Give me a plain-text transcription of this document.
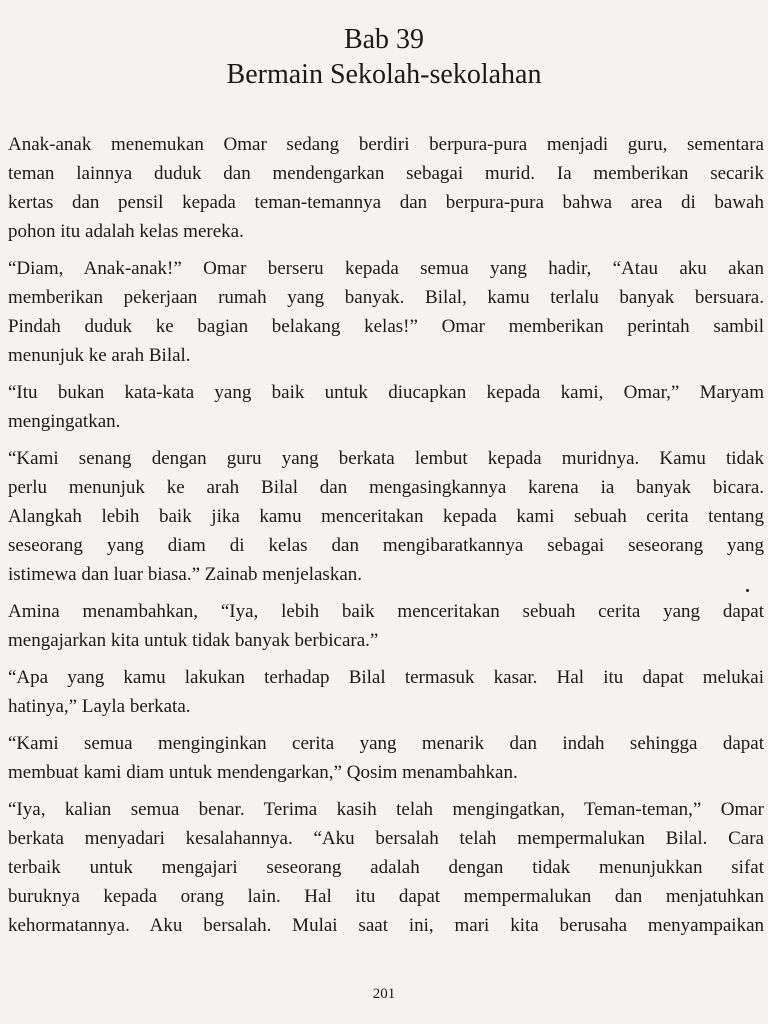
Bab 39
Bermain Sekolah-sekolahan
Anak-anak menemukan Omar sedang berdiri berpura-pura menjadi guru, sementara
teman lainnya duduk dan mendengarkan sebagai murid. Ia memberikan secarik
kertas dan pensil kepada teman-temannya dan berpura-pura bahwa area di bawah
pohon itu adalah kelas mereka.
“Diam, Anak-anak!” Omar berseru kepada semua yang hadir, “Atau aku akan
memberikan pekerjaan rumah yang banyak. Bilal, kamu terlalu banyak bersuara.
Pindah duduk ke bagian belakang kelas!” Omar memberikan perintah sambil
menunjuk ke arah Bilal.
“Itu bukan kata-kata yang baik untuk diucapkan kepada kami, Omar,” Maryam
mengingatkan.
“Kami senang dengan guru yang berkata lembut kepada muridnya. Kamu tidak
perlu menunjuk ke arah Bilal dan mengasingkannya karena ia banyak bicara.
Alangkah lebih baik jika kamu menceritakan kepada kami sebuah cerita tentang
seseorang yang diam di kelas dan mengibaratkannya sebagai seseorang yang
istimewa dan luar biasa.” Zainab menjelaskan.
Amina menambahkan, “Iya, lebih baik menceritakan sebuah cerita yang dapat
mengajarkan kita untuk tidak banyak berbicara.”
“Apa yang kamu lakukan terhadap Bilal termasuk kasar. Hal itu dapat melukai
hatinya,” Layla berkata.
“Kami semua menginginkan cerita yang menarik dan indah sehingga dapat
membuat kami diam untuk mendengarkan,” Qosim menambahkan.
“Iya, kalian semua benar. Terima kasih telah mengingatkan, Teman-teman,” Omar
berkata menyadari kesalahannya. “Aku bersalah telah mempermalukan Bilal. Cara
terbaik untuk mengajari seseorang adalah dengan tidak menunjukkan sifat
buruknya kepada orang lain. Hal itu dapat mempermalukan dan menjatuhkan
kehormatannya. Aku bersalah. Mulai saat ini, mari kita berusaha menyampaikan
201
